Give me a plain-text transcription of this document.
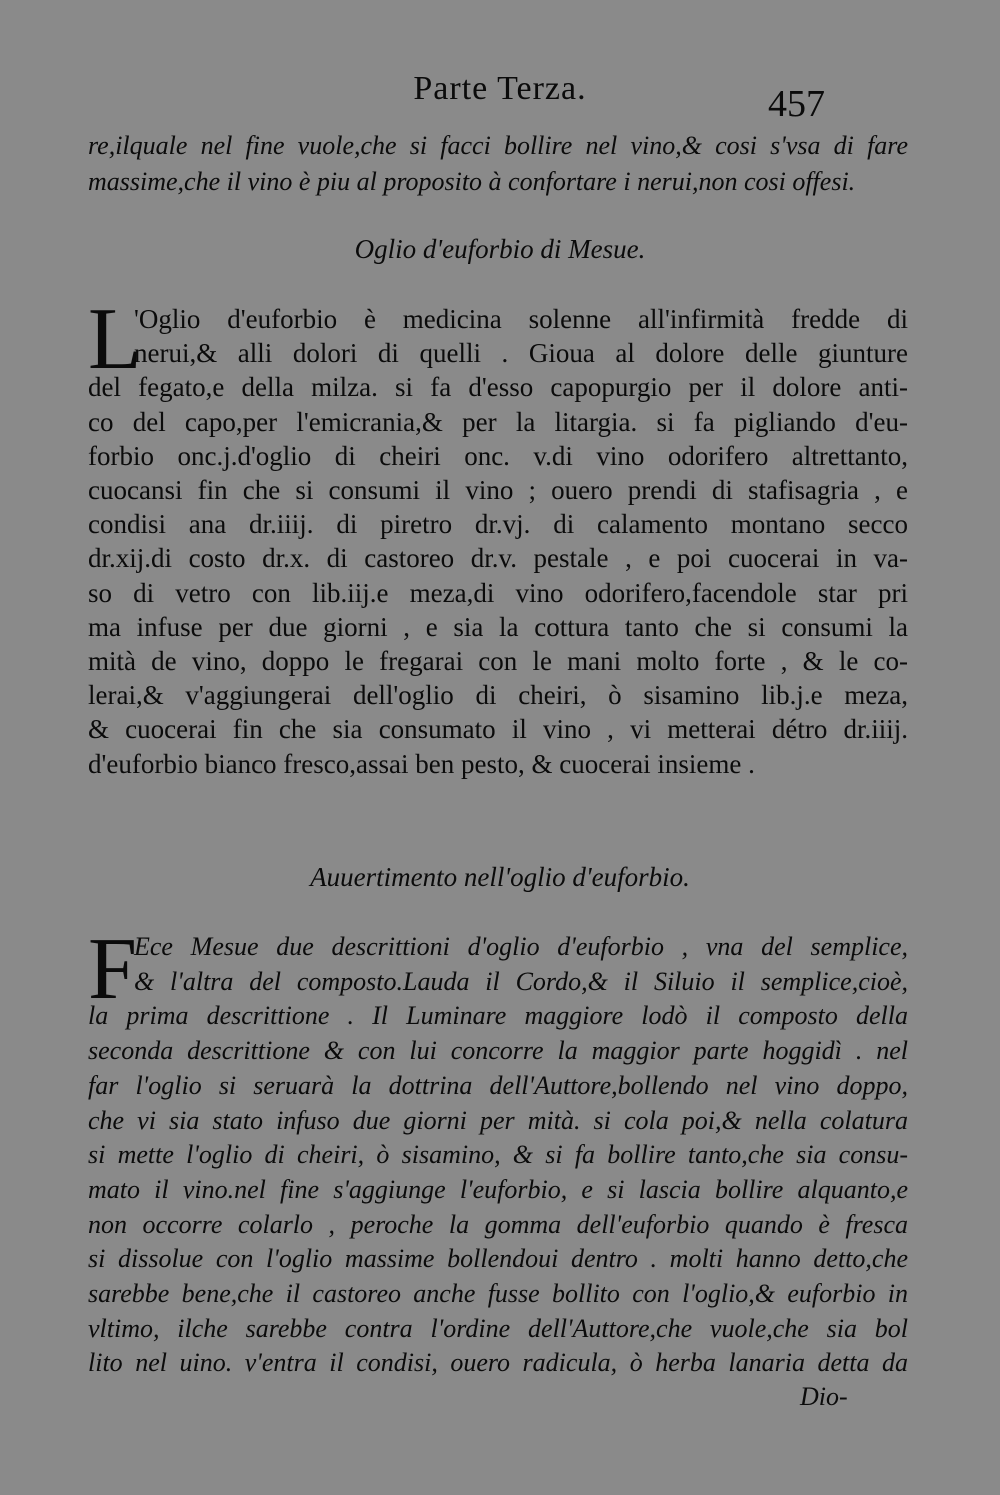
Parte Terza.	457
re,ilquale nel fine vuole,che si facci bollire nel vino,& cosi s'vsa di fare
massime,che il vino è piu al proposito à confortare i nerui,non cosi offesi.
Oglio d'euforbio di Mesue.
L
'Oglio d'euforbio è medicina solenne all'infirmità fredde di
nerui,& alli dolori di quelli . Gioua al dolore delle giunture
del fegato,e della milza. si fa d'esso capopurgio per il dolore anti-
co del capo,per l'emicrania,& per la litargia. si fa pigliando d'eu-
forbio onc.j.d'oglio di cheiri onc. v.di vino odorifero altrettanto,
cuocansi fin che si consumi il vino ; ouero prendi di stafisagria , e
condisi ana dr.iiij. di piretro dr.vj. di calamento montano secco
dr.xij.di costo dr.x. di castoreo dr.v. pestale , e poi cuocerai in va-
so di vetro con lib.iij.e meza,di vino odorifero,facendole star pri
ma infuse per due giorni , e sia la cottura tanto che si consumi la
mità de vino, doppo le fregarai con le mani molto forte , & le co-
lerai,& v'aggiungerai dell'oglio di cheiri, ò sisamino lib.j.e meza,
& cuocerai fin che sia consumato il vino , vi metterai détro dr.iiij.
d'euforbio bianco fresco,assai ben pesto, & cuocerai insieme .
Auuertimento nell'oglio d'euforbio.
F
Ece Mesue due descrittioni d'oglio d'euforbio , vna del semplice,
& l'altra del composto.Lauda il Cordo,& il Siluio il semplice,cioè,
la prima descrittione . Il Luminare maggiore lodò il composto della
seconda descrittione & con lui concorre la maggior parte hoggidì . nel
far l'oglio si seruarà la dottrina dell'Auttore,bollendo nel vino doppo,
che vi sia stato infuso due giorni per mità. si cola poi,& nella colatura
si mette l'oglio di cheiri, ò sisamino, & si fa bollire tanto,che sia consu-
mato il vino.nel fine s'aggiunge l'euforbio, e si lascia bollire alquanto,e
non occorre colarlo , peroche la gomma dell'euforbio quando è fresca
si dissolue con l'oglio massime bollendoui dentro . molti hanno detto,che
sarebbe bene,che il castoreo anche fusse bollito con l'oglio,& euforbio in
vltimo, ilche sarebbe contra l'ordine dell'Auttore,che vuole,che sia bol
lito nel uino. v'entra il condisi, ouero radicula, ò herba lanaria detta da
Dio-
